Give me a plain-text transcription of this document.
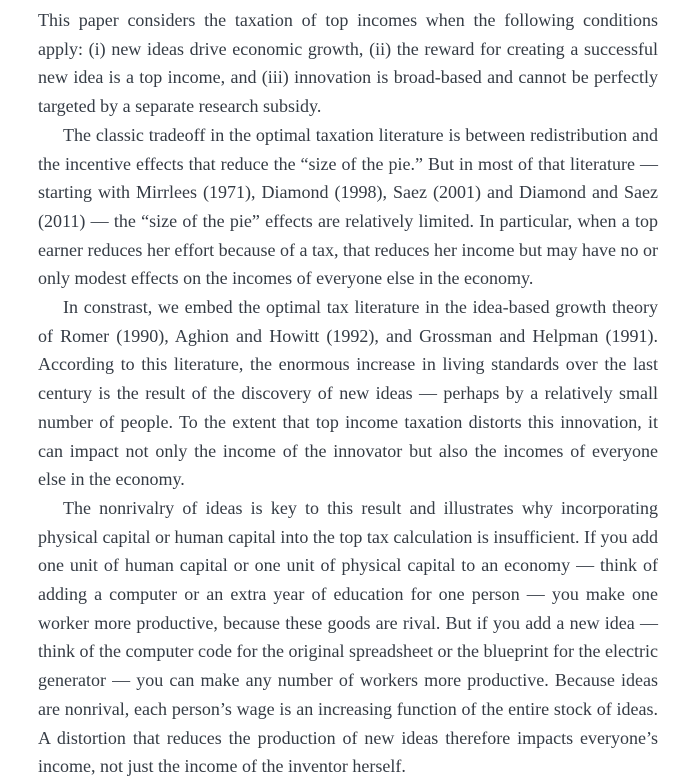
This paper considers the taxation of top incomes when the following conditions apply: (i) new ideas drive economic growth, (ii) the reward for creating a successful new idea is a top income, and (iii) innovation is broad-based and cannot be perfectly targeted by a separate research subsidy.

The classic tradeoff in the optimal taxation literature is between redistribution and the incentive effects that reduce the “size of the pie.” But in most of that literature — starting with Mirrlees (1971), Diamond (1998), Saez (2001) and Diamond and Saez (2011) — the “size of the pie” effects are relatively limited. In particular, when a top earner reduces her effort because of a tax, that reduces her income but may have no or only modest effects on the incomes of everyone else in the economy.

In constrast, we embed the optimal tax literature in the idea-based growth theory of Romer (1990), Aghion and Howitt (1992), and Grossman and Helpman (1991). According to this literature, the enormous increase in living standards over the last century is the result of the discovery of new ideas — perhaps by a relatively small number of people. To the extent that top income taxation distorts this innovation, it can impact not only the income of the innovator but also the incomes of everyone else in the economy.

The nonrivalry of ideas is key to this result and illustrates why incorporating physical capital or human capital into the top tax calculation is insufficient. If you add one unit of human capital or one unit of physical capital to an economy — think of adding a computer or an extra year of education for one person — you make one worker more productive, because these goods are rival. But if you add a new idea — think of the computer code for the original spreadsheet or the blueprint for the electric generator — you can make any number of workers more productive. Because ideas are nonrival, each person’s wage is an increasing function of the entire stock of ideas. A distortion that reduces the production of new ideas therefore impacts everyone’s income, not just the income of the inventor herself.
